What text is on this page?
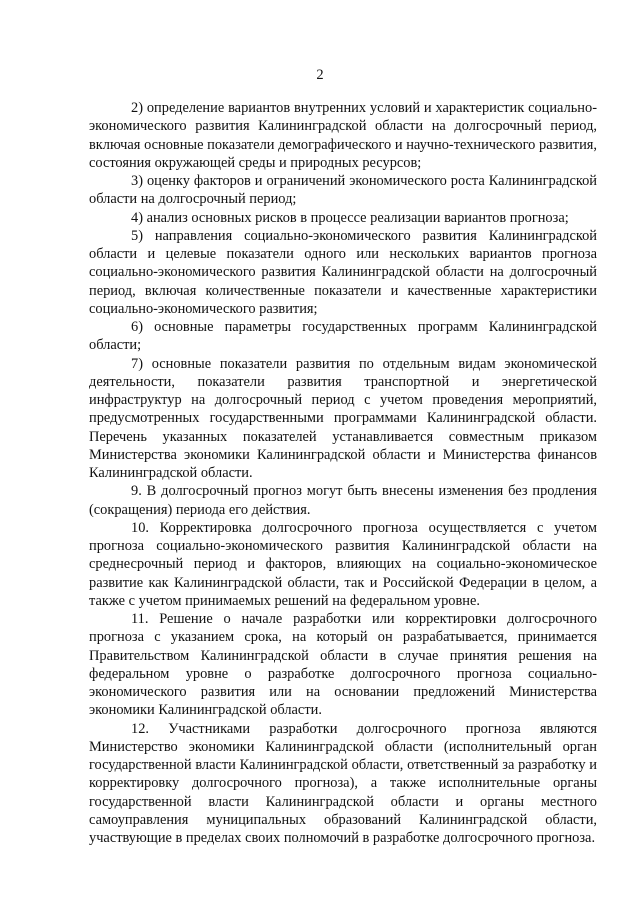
2

2) определение вариантов внутренних условий и характеристик социально-экономического развития Калининградской области на долгосрочный период, включая основные показатели демографического и научно-технического развития, состояния окружающей среды и природных ресурсов;

3) оценку факторов и ограничений экономического роста Калининградской области на долгосрочный период;

4) анализ основных рисков в процессе реализации вариантов прогноза;

5) направления социально-экономического развития Калининградской области и целевые показатели одного или нескольких вариантов прогноза социально-экономического развития Калининградской области на долгосрочный период, включая количественные показатели и качественные характеристики социально-экономического развития;

6) основные параметры государственных программ Калининградской области;

7) основные показатели развития по отдельным видам экономической деятельности, показатели развития транспортной и энергетической инфраструктур на долгосрочный период с учетом проведения мероприятий, предусмотренных государственными программами Калининградской области. Перечень указанных показателей устанавливается совместным приказом Министерства экономики Калининградской области и Министерства финансов Калининградской области.

9. В долгосрочный прогноз могут быть внесены изменения без продления (сокращения) периода его действия.

10. Корректировка долгосрочного прогноза осуществляется с учетом прогноза социально-экономического развития Калининградской области на среднесрочный период и факторов, влияющих на социально-экономическое развитие как Калининградской области, так и Российской Федерации в целом, а также с учетом принимаемых решений на федеральном уровне.

11. Решение о начале разработки или корректировки долгосрочного прогноза с указанием срока, на который он разрабатывается, принимается Правительством Калининградской области в случае принятия решения на федеральном уровне о разработке долгосрочного прогноза социально-экономического развития или на основании предложений Министерства экономики Калининградской области.

12. Участниками разработки долгосрочного прогноза являются Министерство экономики Калининградской области (исполнительный орган государственной власти Калининградской области, ответственный за разработку и корректировку долгосрочного прогноза), а также исполнительные органы государственной власти Калининградской области и органы местного самоуправления муниципальных образований Калининградской области, участвующие в пределах своих полномочий в разработке долгосрочного прогноза.
